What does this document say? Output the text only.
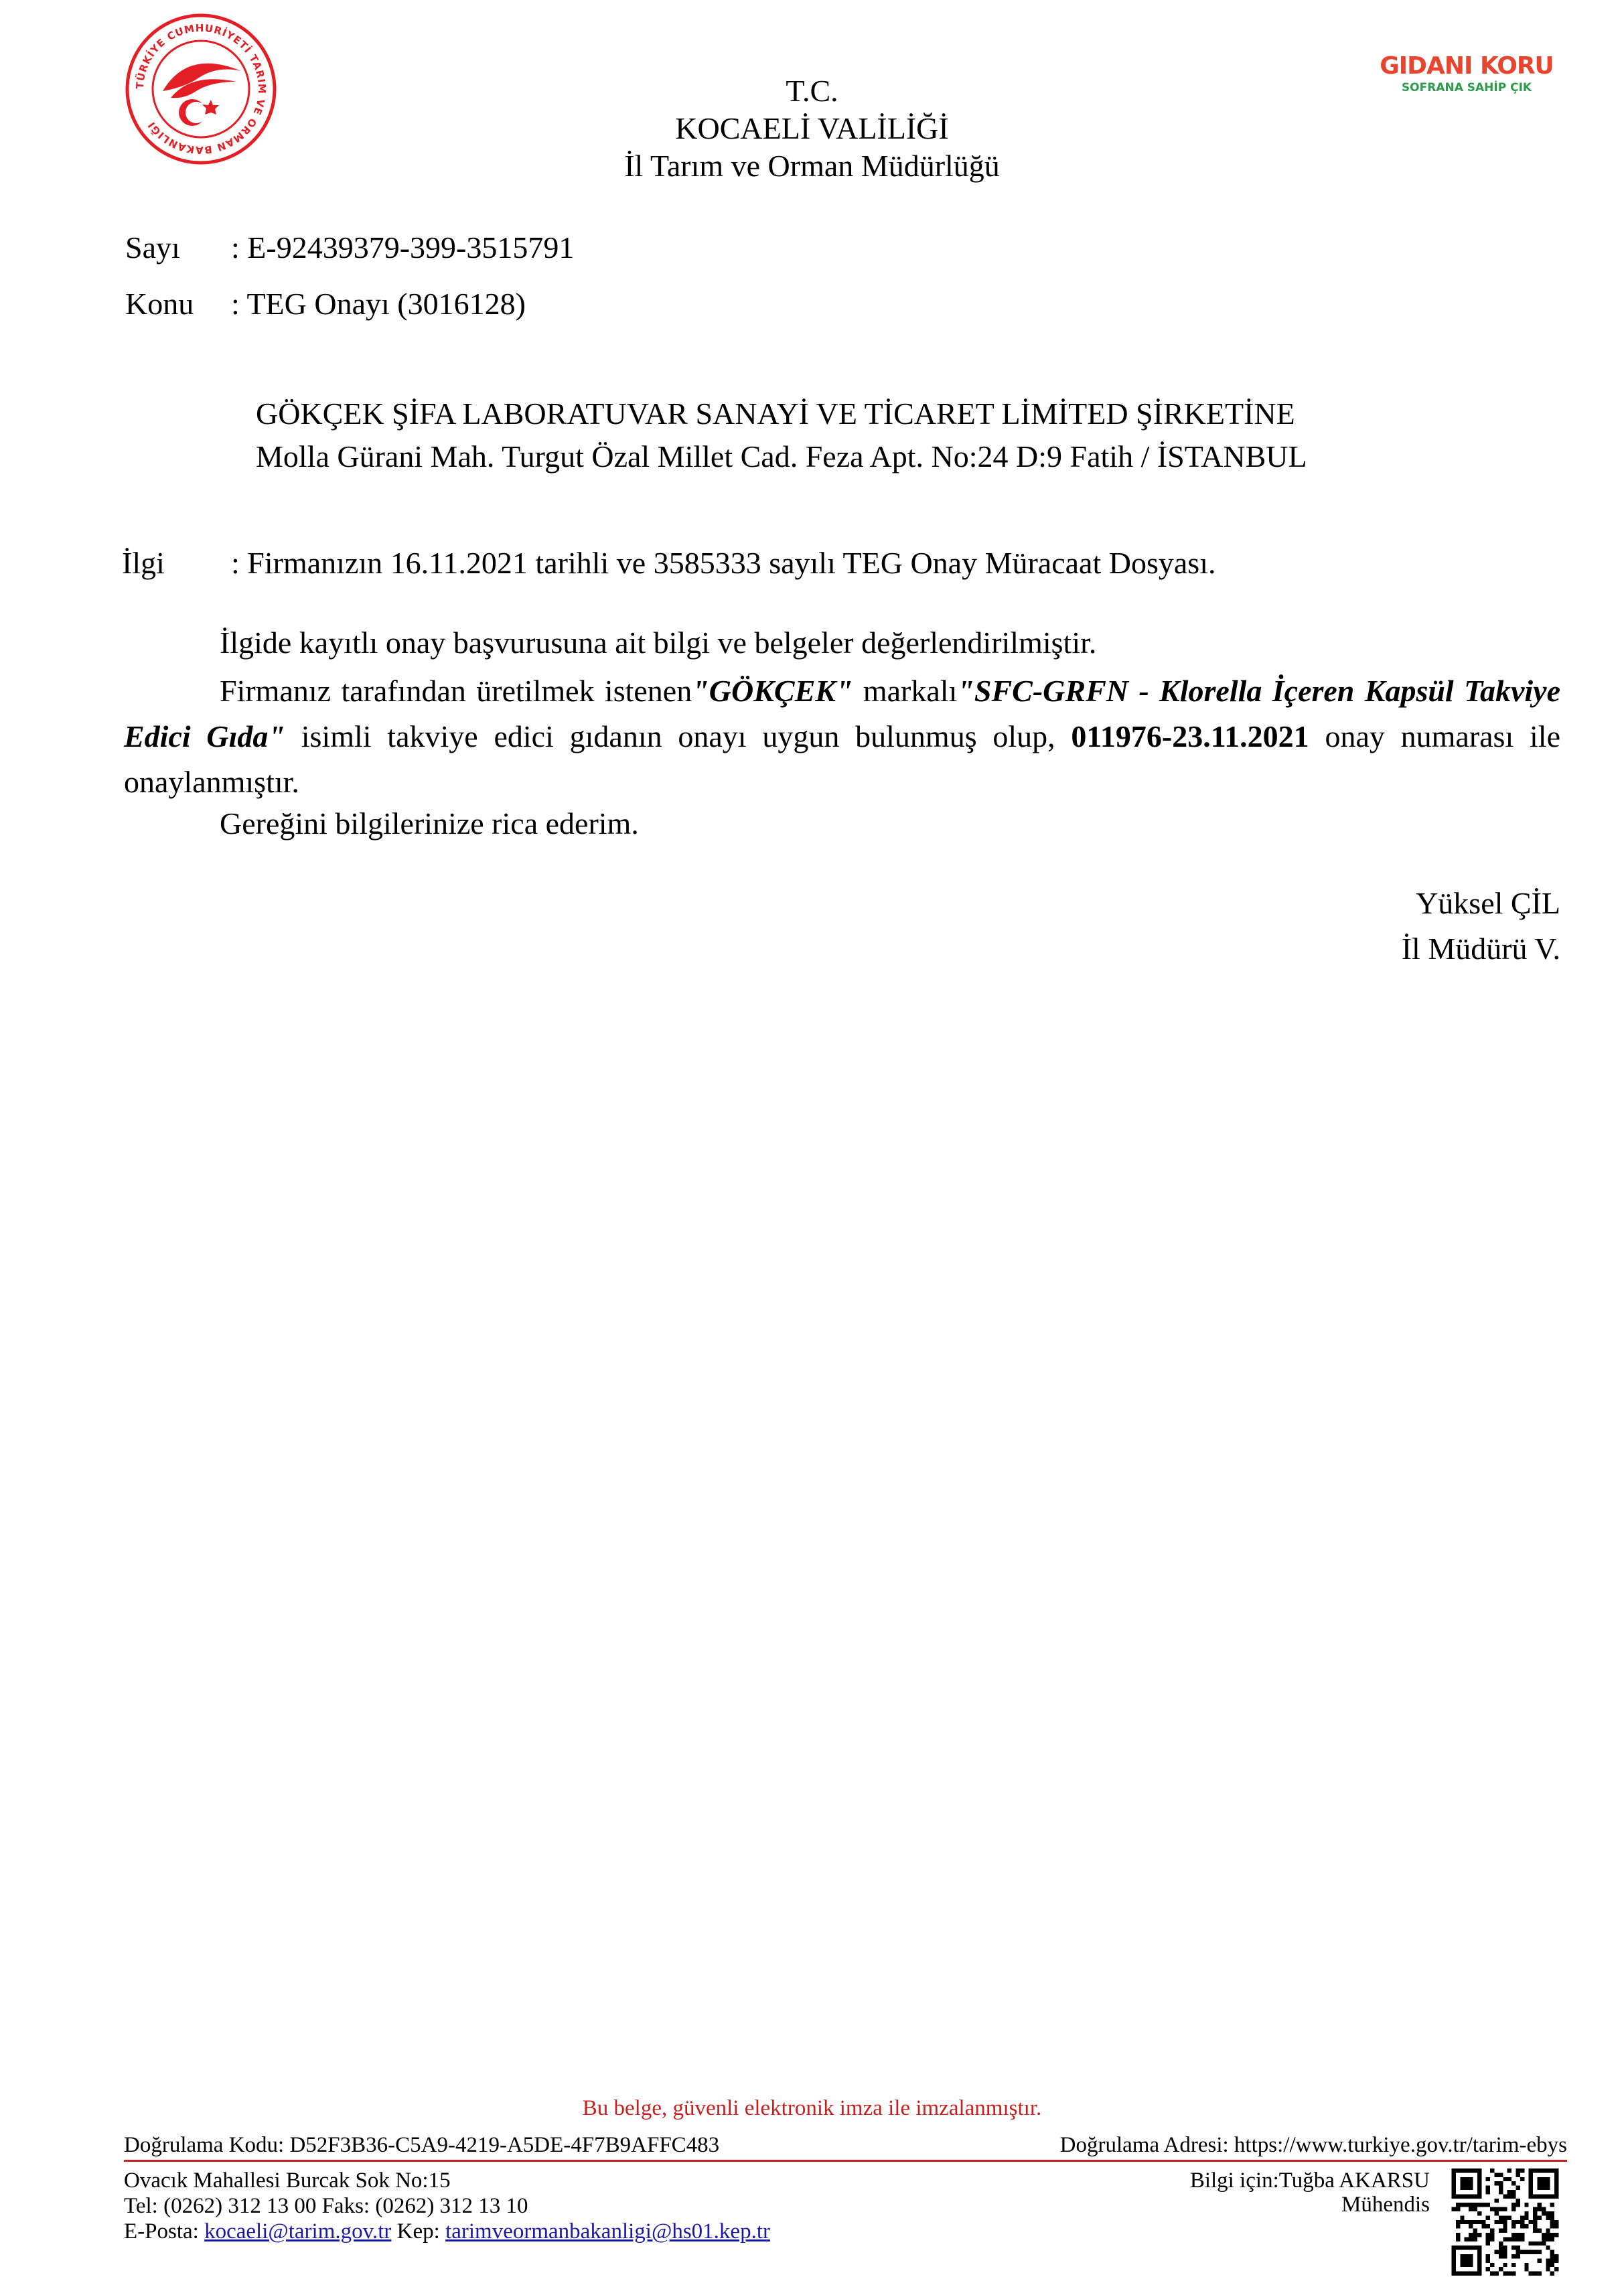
TÜRKİYE CUMHURİYETİ TARIM VE ORMAN BAKANLIĞI
T.C.
KOCAELİ VALİLİĞİ
İl Tarım ve Orman Müdürlüğü
GIDANI KORU
SOFRANA SAHİP ÇIK
Sayı : E-92439379-399-3515791
Konu : TEG Onayı (3016128)
GÖKÇEK ŞİFA LABORATUVAR SANAYİ VE TİCARET LİMİTED ŞİRKETİNE
Molla Gürani Mah. Turgut Özal Millet Cad. Feza Apt. No:24 D:9 Fatih / İSTANBUL
İlgi : Firmanızın 16.11.2021 tarihli ve 3585333 sayılı TEG Onay Müracaat Dosyası.
İlgide kayıtlı onay başvurusuna ait bilgi ve belgeler değerlendirilmiştir.
Firmanız tarafından üretilmek istenen"GÖKÇEK" markalı"SFC-GRFN - Klorella İçeren Kapsül Takviye Edici Gıda" isimli takviye edici gıdanın onayı uygun bulunmuş olup, 011976-23.11.2021 onay numarası ile onaylanmıştır.
Gereğini bilgilerinize rica ederim.
Yüksel ÇİL
İl Müdürü V.
Bu belge, güvenli elektronik imza ile imzalanmıştır.
Doğrulama Kodu: D52F3B36-C5A9-4219-A5DE-4F7B9AFFC483	Doğrulama Adresi: https://www.turkiye.gov.tr/tarim-ebys
Ovacık Mahallesi Burcak Sok No:15
Tel: (0262) 312 13 00 Faks: (0262) 312 13 10
E-Posta: kocaeli@tarim.gov.tr Kep: tarimveormanbakanligi@hs01.kep.tr
Bilgi için:Tuğba AKARSU
Mühendis
